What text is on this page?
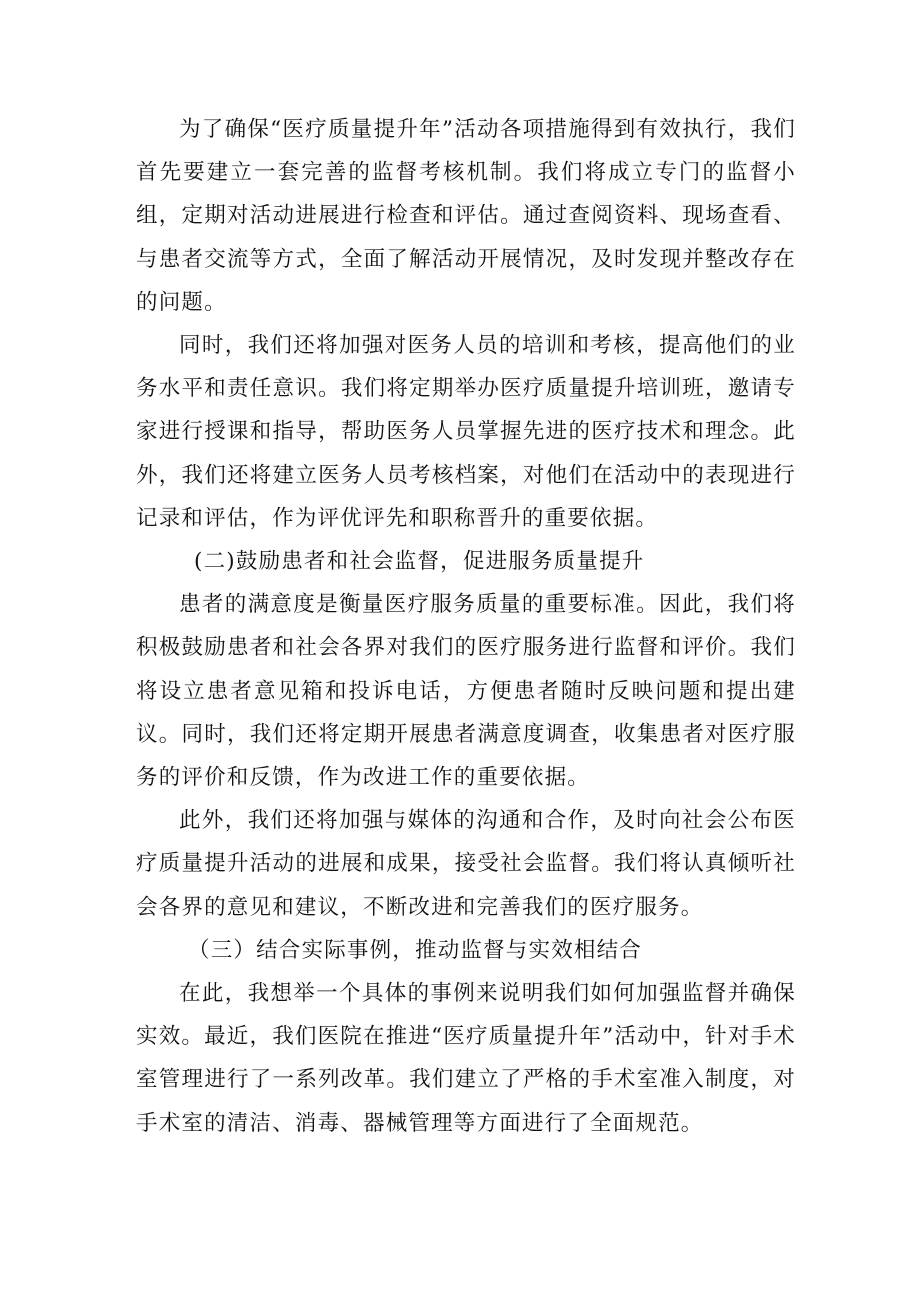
为了确保“医疗质量提升年”活动各项措施得到有效执行，我们首先要建立一套完善的监督考核机制。我们将成立专门的监督小组，定期对活动进展进行检查和评估。通过查阅资料、现场查看、与患者交流等方式，全面了解活动开展情况，及时发现并整改存在的问题。

同时，我们还将加强对医务人员的培训和考核，提高他们的业务水平和责任意识。我们将定期举办医疗质量提升培训班，邀请专家进行授课和指导，帮助医务人员掌握先进的医疗技术和理念。此外，我们还将建立医务人员考核档案，对他们在活动中的表现进行记录和评估，作为评优评先和职称晋升的重要依据。

(二)鼓励患者和社会监督，促进服务质量提升

患者的满意度是衡量医疗服务质量的重要标准。因此，我们将积极鼓励患者和社会各界对我们的医疗服务进行监督和评价。我们将设立患者意见箱和投诉电话，方便患者随时反映问题和提出建议。同时，我们还将定期开展患者满意度调查，收集患者对医疗服务的评价和反馈，作为改进工作的重要依据。

此外，我们还将加强与媒体的沟通和合作，及时向社会公布医疗质量提升活动的进展和成果，接受社会监督。我们将认真倾听社会各界的意见和建议，不断改进和完善我们的医疗服务。

（三）结合实际事例，推动监督与实效相结合

在此，我想举一个具体的事例来说明我们如何加强监督并确保实效。最近，我们医院在推进“医疗质量提升年”活动中，针对手术室管理进行了一系列改革。我们建立了严格的手术室准入制度，对手术室的清洁、消毒、器械管理等方面进行了全面规范。
